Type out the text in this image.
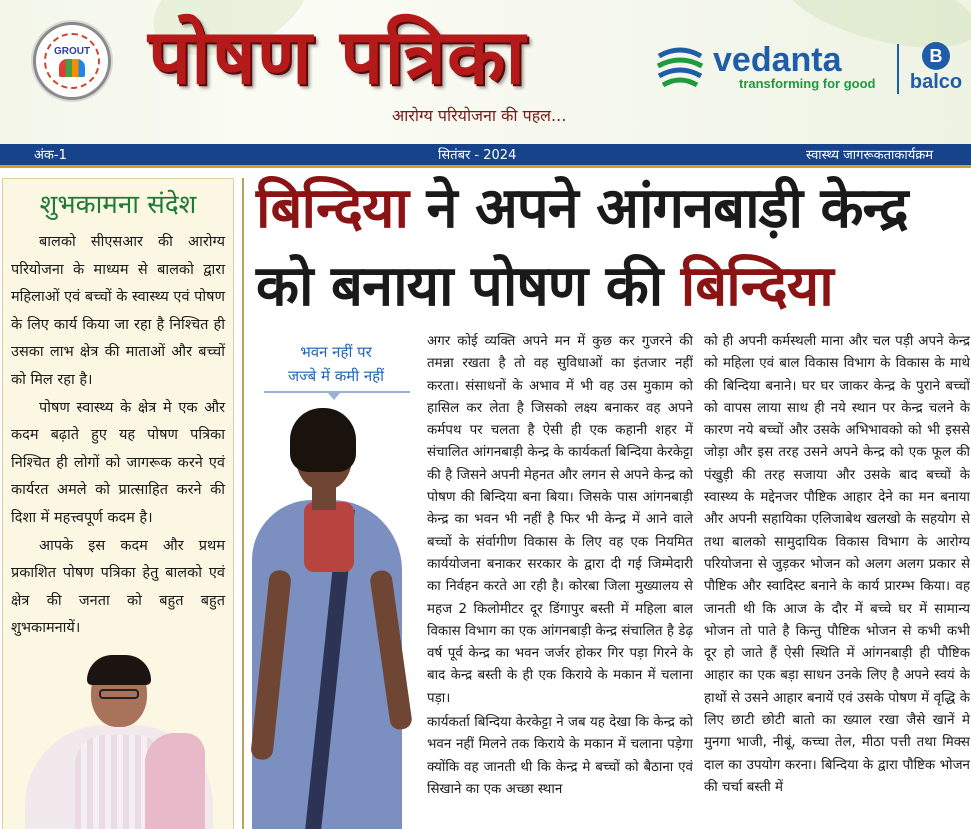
GROUT पोषण पत्रिका
आरोग्य परियोजना की पहल...
vedanta
transforming for good
B
balco
अंक-1	सितंबर - 2024	स्वास्थ्य जागरूकताकार्यक्रम
शुभकामना संदेश

बालको सीएसआर की आरोग्य परियोजना के माध्यम से बालको द्वारा महिलाओं एवं बच्चों के स्वास्थ्य एवं पोषण के लिए कार्य किया जा रहा है निश्चित ही उसका लाभ क्षेत्र की माताओं और बच्चों को मिल रहा है।

पोषण स्वास्थ्य के क्षेत्र मे एक और कदम बढ़ाते हुए यह पोषण पत्रिका निश्चित ही लोगों को जागरूक करने एवं कार्यरत अमले को प्रात्साहित करने की दिशा में महत्त्वपूर्ण कदम है।

आपके इस कदम और प्रथम प्रकाशित पोषण पत्रिका हेतु बालको एवं क्षेत्र की जनता को बहुत बहुत शुभकामनायें।

बिन्दिया ने अपने आंगनबाड़ी केन्द्र
को बनाया पोषण की बिन्दिया
भवन नहीं पर
जज्बे में कमी नहीं

अगर कोई व्यक्ति अपने मन में कुछ कर गुजरने की तमन्ना रखता है तो वह सुविधाओं का इंतजार नहीं करता। संसाधनों के अभाव में भी वह उस मुकाम को हासिल कर लेता है जिसको लक्ष्य बनाकर वह अपने कर्मपथ पर चलता है ऐसी ही एक कहानी शहर में संचालित आंगनबाड़ी केन्द्र के कार्यकर्ता बिन्दिया केरकेट्टा की है जिसने अपनी मेहनत और लगन से अपने केन्द्र को पोषण की बिन्दिया बना बिया। जिसके पास आंगनबाड़ी केन्द्र का भवन भी नहीं है फिर भी केन्द्र में आने वाले बच्चों के संर्वागीण विकास के लिए वह एक नियमित कार्ययोजना बनाकर सरकार के द्वारा दी गई जिम्मेदारी का निर्वहन करते आ रही है। कोरबा जिला मुख्यालय से महज 2 किलोमीटर दूर डिंगापुर बस्ती में महिला बाल विकास विभाग का एक आंगनबाड़ी केन्द्र संचालित है डेढ़ वर्ष पूर्व केन्द्र का भवन जर्जर होकर गिर पड़ा गिरने के बाद केन्द्र बस्ती के ही एक किराये के मकान में चलाना पड़ा।

कार्यकर्ता बिन्दिया केरकेट्टा ने जब यह देखा कि केन्द्र को भवन नहीं मिलने तक किराये के मकान में चलाना पड़ेगा क्योंकि वह जानती थी कि केन्द्र मे बच्चों को बैठाना एवं सिखाने का एक अच्छा स्थान

को ही अपनी कर्मस्थली माना और चल पड़ी अपने केन्द्र को महिला एवं बाल विकास विभाग के विकास के माथे की बिन्दिया बनाने। घर घर जाकर केन्द्र के पुराने बच्चों को वापस लाया साथ ही नये स्थान पर केन्द्र चलने के कारण नये बच्चों और उसके अभिभावको को भी इससे जोड़ा और इस तरह उसने अपने केन्द्र को एक फूल की पंखुड़ी की तरह सजाया और उसके बाद बच्चों के स्वास्थ्य के मद्देनजर पौष्टिक आहार देने का मन बनाया और अपनी सहायिका एलिजाबेथ खलखो के सहयोग से तथा बालको सामुदायिक विकास विभाग के आरोग्य परियोजना से जुड़कर भोजन को अलग अलग प्रकार से पौष्टिक और स्वादिस्ट बनाने के कार्य प्रारम्भ किया। वह जानती थी कि आज के दौर में बच्चे घर में सामान्य भोजन तो पाते है किन्तु पौष्टिक भोजन से कभी कभी दूर हो जाते हैं ऐसी स्थिति में आंगनबाड़ी ही पौष्टिक आहार का एक बड़ा साधन उनके लिए है अपने स्वयं के हाथों से उसने आहार बनायें एवं उसके पोषण में वृद्धि के लिए छाटी छोटी बातो का ख्याल रखा जैसे खानें मे मुनगा भाजी, नीबूं, कच्चा तेल, मीठा पत्ती तथा मिक्स दाल का उपयोग करना। बिन्दिया के द्वारा पौष्टिक भोजन की चर्चा बस्ती में
